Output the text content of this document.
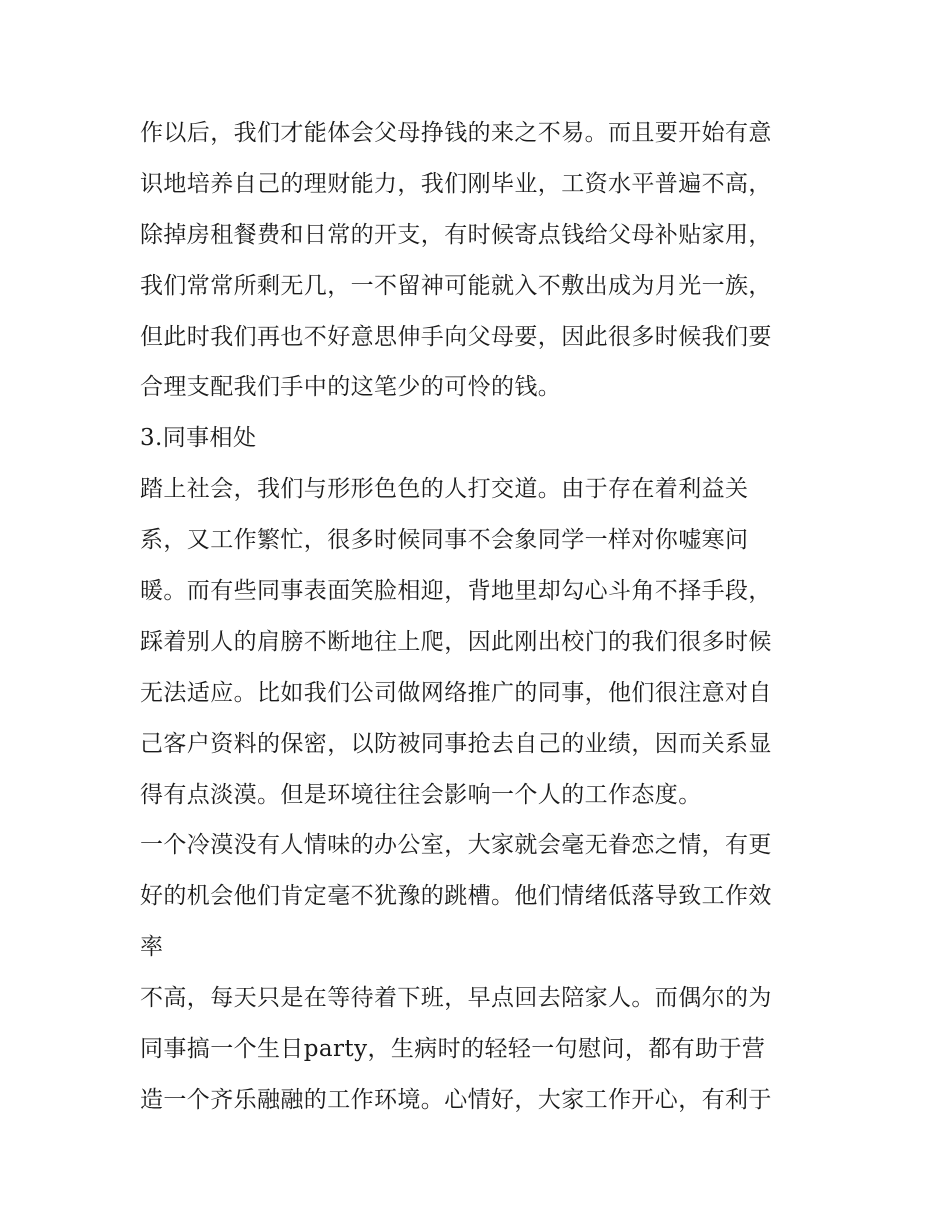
作以后，我们才能体会父母挣钱的来之不易。而且要开始有意
识地培养自己的理财能力，我们刚毕业，工资水平普遍不高，
除掉房租餐费和日常的开支，有时候寄点钱给父母补贴家用，
我们常常所剩无几，一不留神可能就入不敷出成为月光一族，
但此时我们再也不好意思伸手向父母要，因此很多时候我们要
合理支配我们手中的这笔少的可怜的钱。
3.同事相处
踏上社会，我们与形形色色的人打交道。由于存在着利益关
系，又工作繁忙，很多时候同事不会象同学一样对你嘘寒问
暖。而有些同事表面笑脸相迎，背地里却勾心斗角不择手段，
踩着别人的肩膀不断地往上爬，因此刚出校门的我们很多时候
无法适应。比如我们公司做网络推广的同事，他们很注意对自
己客户资料的保密，以防被同事抢去自己的业绩，因而关系显
得有点淡漠。但是环境往往会影响一个人的工作态度。
一个冷漠没有人情味的办公室，大家就会毫无眷恋之情，有更
好的机会他们肯定毫不犹豫的跳槽。他们情绪低落导致工作效
率
不高，每天只是在等待着下班，早点回去陪家人。而偶尔的为
同事搞一个生日party，生病时的轻轻一句慰问，都有助于营
造一个齐乐融融的工作环境。心情好，大家工作开心，有利于
